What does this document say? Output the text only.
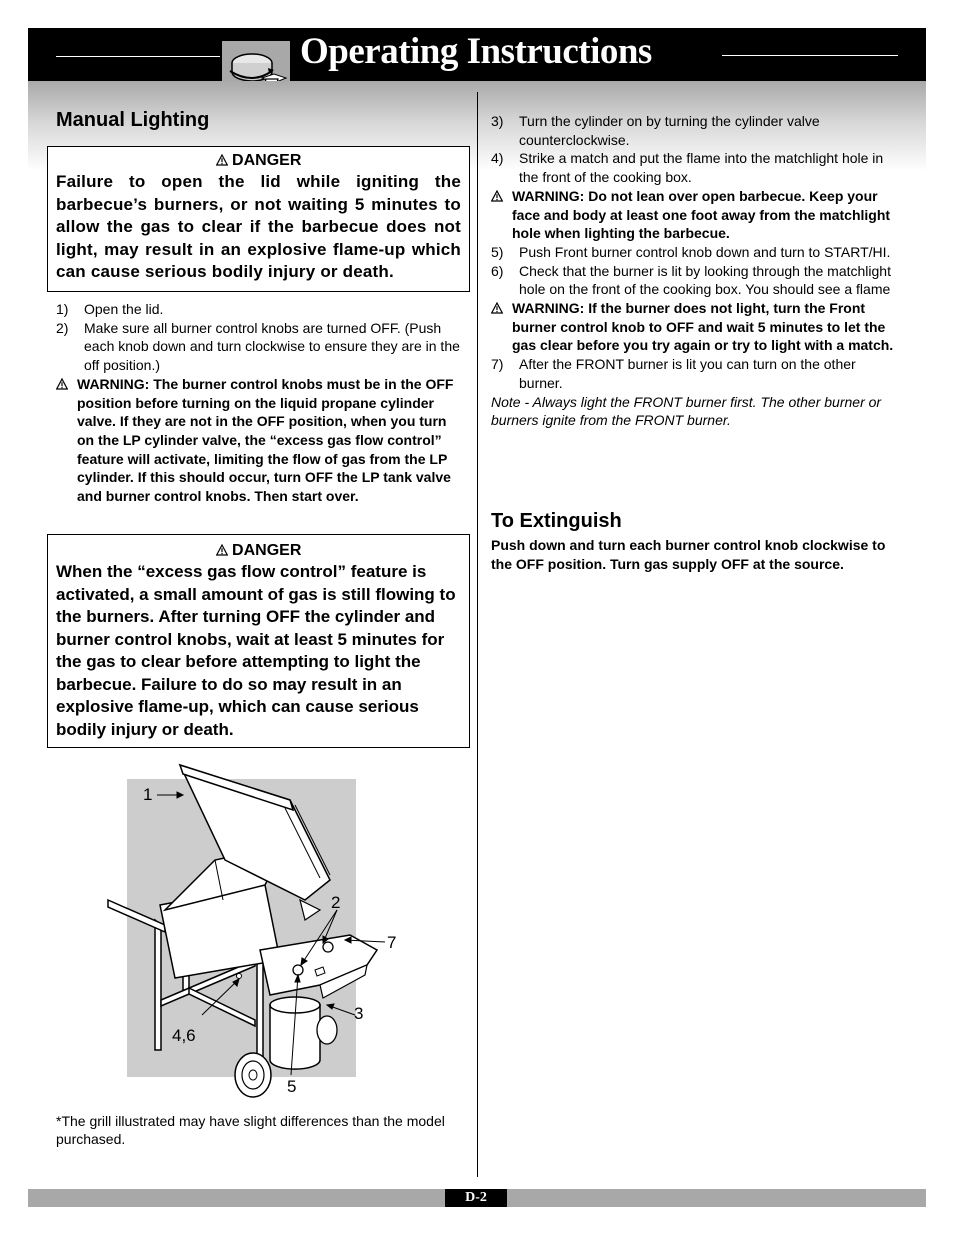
Operating Instructions
Manual Lighting
DANGER
Failure to open the lid while igniting the barbecue’s burners, or not waiting 5 minutes to allow the gas to clear if the barbecue does not light, may result in an explosive flame-up which can cause serious bodily injury or death.
1)	Open the lid.
2)	Make sure all burner control knobs are turned OFF. (Push each knob down and turn clockwise to ensure they are in the off position.)
WARNING: The burner control knobs must be in the OFF position before turning on the liquid propane cylinder valve. If they are not in the OFF position, when you turn on the LP cylinder valve, the “excess gas flow control” feature will activate, limiting the flow of gas from the LP cylinder. If this should occur, turn OFF the LP tank valve and burner control knobs. Then start over.
DANGER
When the “excess gas flow control” feature is activated, a small amount of gas is still flowing to the burners. After turning OFF the cylinder and burner control knobs, wait at least 5 minutes for the gas to clear before attempting to light the barbecue. Failure to do so may result in an explosive flame-up, which can cause serious bodily injury or death.
1
2
7
3
4,6
5
*The grill illustrated may have slight differences than the model purchased.
3)	Turn the cylinder on by turning the cylinder valve counterclockwise.
4)	Strike a match and put the flame into the matchlight hole in the front of the cooking box.
WARNING: Do not lean over open barbecue. Keep your face and body at least one foot away from the matchlight hole when lighting the barbecue.
5)	Push Front burner control knob down and turn to START/HI.
6)	Check that the burner is lit by looking through the matchlight hole on the front of the cooking box. You should see a flame
WARNING: If the burner does not light, turn the Front burner control knob to OFF and wait 5 minutes to let the gas clear before you try again or try to light with a match.
7)	After the FRONT burner is lit you can turn on the other burner.
Note - Always light the FRONT burner first. The other burner or burners ignite from the FRONT burner.
To Extinguish
Push down and turn each burner control knob clockwise to the OFF position. Turn gas supply OFF at the source.
D-2
